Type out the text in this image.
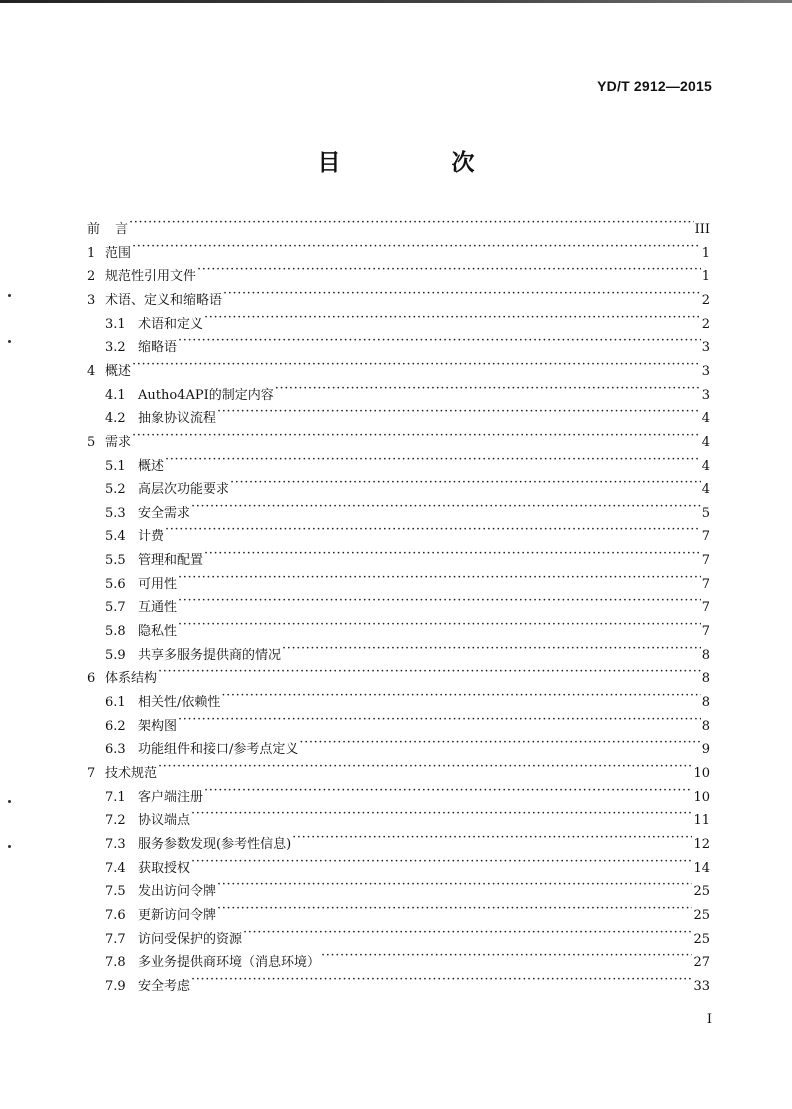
YD/T 2912—2015
目　次
前	言 ·····	III
1 范围 ·····	1
2 规范性引用文件 ·····	1
3 术语、定义和缩略语 ·····	2
3.1 术语和定义 ·····	2
3.2 缩略语 ·····	3
4 概述 ·····	3
4.1 Autho4API的制定内容 ·····	3
4.2 抽象协议流程 ·····	4
5 需求 ·····	4
5.1 概述 ·····	4
5.2 高层次功能要求 ·····	4
5.3 安全需求 ·····	5
5.4 计费 ·····	7
5.5 管理和配置 ·····	7
5.6 可用性 ·····	7
5.7 互通性 ·····	7
5.8 隐私性 ·····	7
5.9 共享多服务提供商的情况 ·····	8
6 体系结构 ·····	8
6.1 相关性/依赖性 ·····	8
6.2 架构图 ·····	8
6.3 功能组件和接口/参考点定义 ·····	9
7 技术规范 ·····	10
7.1 客户端注册 ·····	10
7.2 协议端点 ·····	11
7.3 服务参数发现(参考性信息) ·····	12
7.4 获取授权 ·····	14
7.5 发出访问令牌 ·····	25
7.6 更新访问令牌 ·····	25
7.7 访问受保护的资源 ·····	25
7.8 多业务提供商环境（消息环境） ·····	27
7.9 安全考虑 ·····	33
I
